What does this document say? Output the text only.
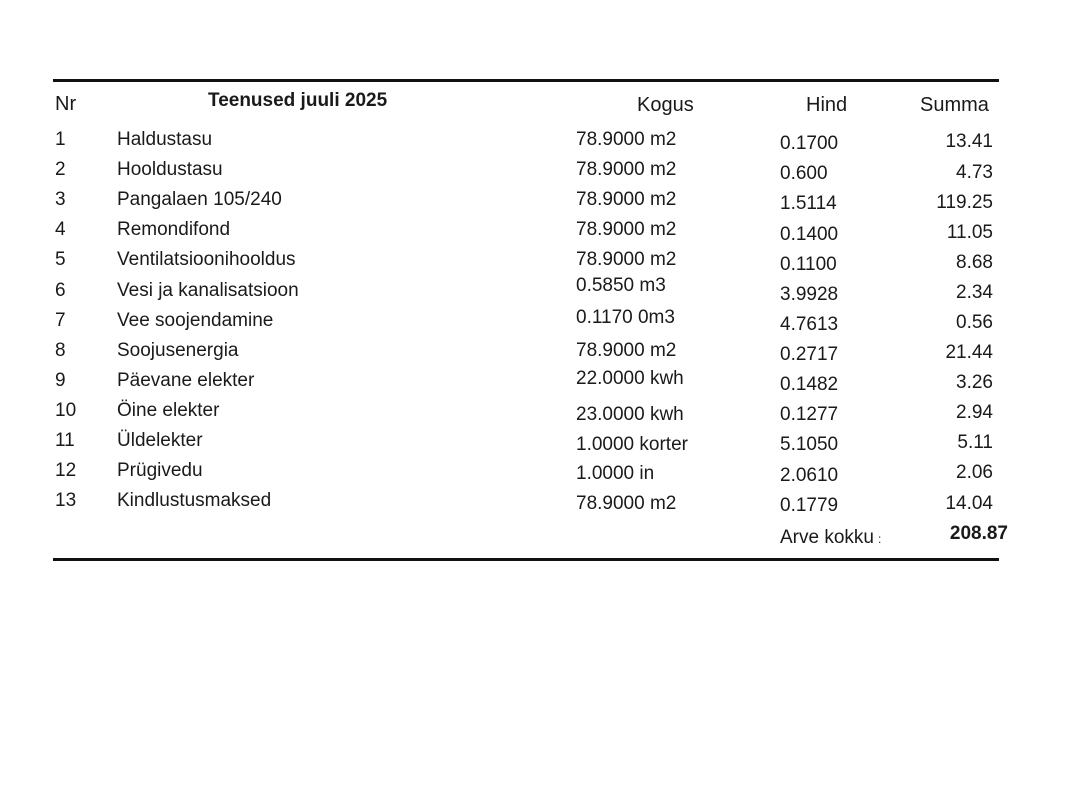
Nr	Teenused juuli 2025	Kogus	Hind	Summa
1	Haldustasu	78.9000 m2	0.1700	13.41
2	Hooldustasu	78.9000 m2	0.600	4.73
3	Pangalaen 105/240	78.9000 m2	1.5114	119.25
4	Remondifond	78.9000 m2	0.1400	11.05
5	Ventilatsioonihooldus	78.9000 m2	0.1100	8.68
6	Vesi ja kanalisatsioon	0.5850 m3	3.9928	2.34
7	Vee soojendamine	0.1170 0m3	4.7613	0.56
8	Soojusenergia	78.9000 m2	0.2717	21.44
9	Päevane elekter	22.0000 kwh	0.1482	3.26
10 Öine elekter	23.0000 kwh	0.1277	2.94
11 Üldelekter	1.0000 korter	5.1050	5.11
12 Prügivedu	1.0000 in	2.0610	2.06
13 Kindlustusmaksed	78.9000 m2	0.1779	14.04
Arve kokku :	208.87
